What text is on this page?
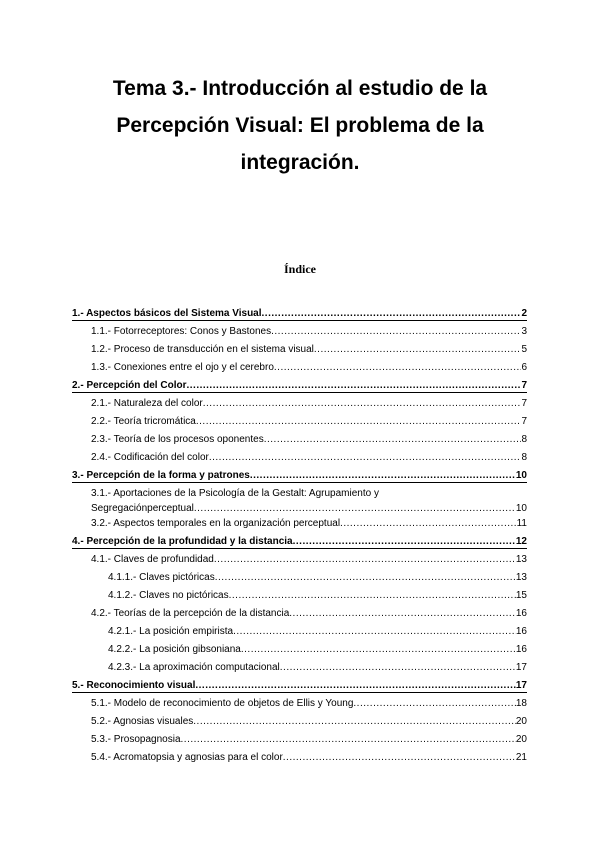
Tema 3.- Introducción al estudio de la
Percepción Visual: El problema de la
integración.
Índice
1.- Aspectos básicos del Sistema Visual .....	2
1.1.- Fotorreceptores: Conos y Bastones .....	3
1.2.- Proceso de transducción en el sistema visual .....	5
1.3.- Conexiones entre el ojo y el cerebro .....	6
2.- Percepción del Color .....	7
2.1.- Naturaleza del color .....	7
2.2.- Teoría tricromática .....	7
2.3.- Teoría de los procesos oponentes .....	8
2.4.- Codificación del color .....	8
3.- Percepción de la forma y patrones .....	10
3.1.- Aportaciones de la Psicología de la Gestalt: Agrupamiento y
Segregaciónperceptual .....	10
3.2.- Aspectos temporales en la organización perceptual .....	11
4.- Percepción de la profundidad y la distancia .....	12
4.1.- Claves de profundidad .....	13
4.1.1.- Claves pictóricas .....	13
4.1.2.- Claves no pictóricas .....	15
4.2.- Teorías de la percepción de la distancia .....	16
4.2.1.- La posición empirista .....	16
4.2.2.- La posición gibsoniana .....	16
4.2.3.- La aproximación computacional .....	17
5.- Reconocimiento visual .....	17
5.1.- Modelo de reconocimiento de objetos de Ellis y Young .....	18
5.2.- Agnosias visuales .....	20
5.3.- Prosopagnosia .....	20
5.4.- Acromatopsia y agnosias para el color .....	21
